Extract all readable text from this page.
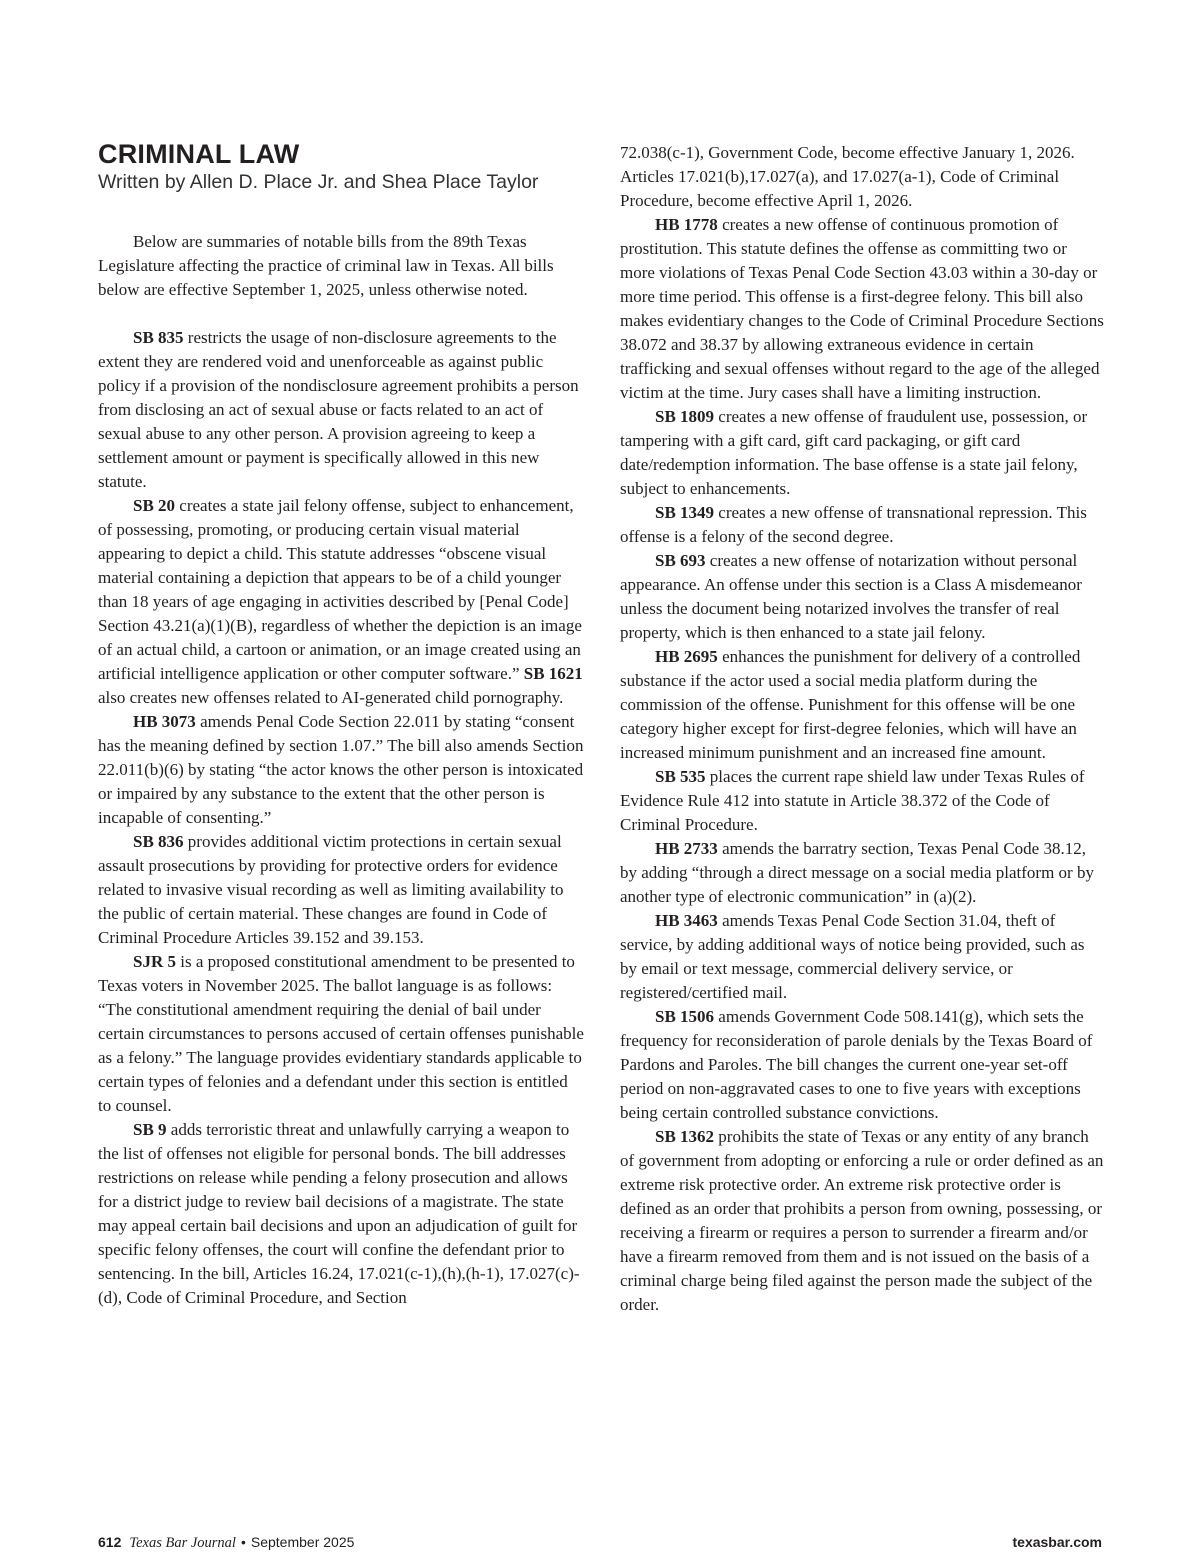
CRIMINAL LAW

Written by Allen D. Place Jr. and Shea Place Taylor

Below are summaries of notable bills from the 89th Texas Legislature affecting the practice of criminal law in Texas. All bills below are effective September 1, 2025, unless otherwise noted.

SB 835 restricts the usage of non-disclosure agreements to the extent they are rendered void and unenforceable as against public policy if a provision of the nondisclosure agreement prohibits a person from disclosing an act of sexual abuse or facts related to an act of sexual abuse to any other person. A provision agreeing to keep a settlement amount or payment is specifically allowed in this new statute.

SB 20 creates a state jail felony offense, subject to enhancement, of possessing, promoting, or producing certain visual material appearing to depict a child. This statute addresses “obscene visual material containing a depiction that appears to be of a child younger than 18 years of age engaging in activities described by [Penal Code] Section 43.21(a)(1)(B), regardless of whether the depiction is an image of an actual child, a cartoon or animation, or an image created using an artificial intelligence application or other computer software.” SB 1621 also creates new offenses related to AI-generated child pornography.

HB 3073 amends Penal Code Section 22.011 by stating “consent has the meaning defined by section 1.07.” The bill also amends Section 22.011(b)(6) by stating “the actor knows the other person is intoxicated or impaired by any substance to the extent that the other person is incapable of consenting.”

SB 836 provides additional victim protections in certain sexual assault prosecutions by providing for protective orders for evidence related to invasive visual recording as well as limiting availability to the public of certain material. These changes are found in Code of Criminal Procedure Articles 39.152 and 39.153.

SJR 5 is a proposed constitutional amendment to be presented to Texas voters in November 2025. The ballot language is as follows: “The constitutional amendment requiring the denial of bail under certain circumstances to persons accused of certain offenses punishable as a felony.” The language provides evidentiary standards applicable to certain types of felonies and a defendant under this section is entitled to counsel.

SB 9 adds terroristic threat and unlawfully carrying a weapon to the list of offenses not eligible for personal bonds. The bill addresses restrictions on release while pending a felony prosecution and allows for a district judge to review bail decisions of a magistrate. The state may appeal certain bail decisions and upon an adjudication of guilt for specific felony offenses, the court will confine the defendant prior to sentencing. In the bill, Articles 16.24, 17.021(c-1),(h),(h-1), 17.027(c)-(d), Code of Criminal Procedure, and Section

72.038(c-1), Government Code, become effective January 1, 2026. Articles 17.021(b),17.027(a), and 17.027(a-1), Code of Criminal Procedure, become effective April 1, 2026.

HB 1778 creates a new offense of continuous promotion of prostitution. This statute defines the offense as committing two or more violations of Texas Penal Code Section 43.03 within a 30-day or more time period. This offense is a first-degree felony. This bill also makes evidentiary changes to the Code of Criminal Procedure Sections 38.072 and 38.37 by allowing extraneous evidence in certain trafficking and sexual offenses without regard to the age of the alleged victim at the time. Jury cases shall have a limiting instruction.

SB 1809 creates a new offense of fraudulent use, possession, or tampering with a gift card, gift card packaging, or gift card date/redemption information. The base offense is a state jail felony, subject to enhancements.

SB 1349 creates a new offense of transnational repression. This offense is a felony of the second degree.

SB 693 creates a new offense of notarization without personal appearance. An offense under this section is a Class A misdemeanor unless the document being notarized involves the transfer of real property, which is then enhanced to a state jail felony.

HB 2695 enhances the punishment for delivery of a controlled substance if the actor used a social media platform during the commission of the offense. Punishment for this offense will be one category higher except for first-degree felonies, which will have an increased minimum punishment and an increased fine amount.

SB 535 places the current rape shield law under Texas Rules of Evidence Rule 412 into statute in Article 38.372 of the Code of Criminal Procedure.

HB 2733 amends the barratry section, Texas Penal Code 38.12, by adding “through a direct message on a social media platform or by another type of electronic communication” in (a)(2).

HB 3463 amends Texas Penal Code Section 31.04, theft of service, by adding additional ways of notice being provided, such as by email or text message, commercial delivery service, or registered/certified mail.

SB 1506 amends Government Code 508.141(g), which sets the frequency for reconsideration of parole denials by the Texas Board of Pardons and Paroles. The bill changes the current one-year set-off period on non-aggravated cases to one to five years with exceptions being certain controlled substance convictions.

SB 1362 prohibits the state of Texas or any entity of any branch of government from adopting or enforcing a rule or order defined as an extreme risk protective order. An extreme risk protective order is defined as an order that prohibits a person from owning, possessing, or receiving a firearm or requires a person to surrender a firearm and/or have a firearm removed from them and is not issued on the basis of a criminal charge being filed against the person made the subject of the order.

612 Texas Bar Journal • September 2025	texasbar.com
